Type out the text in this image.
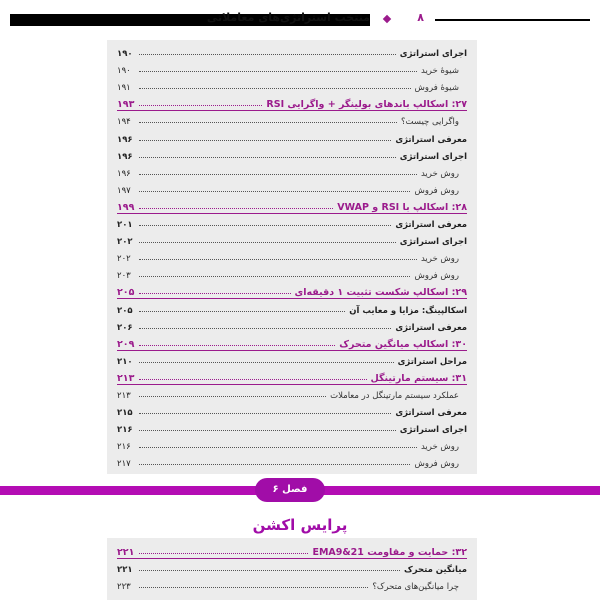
۸
منتخب استراتژی‌های معاملاتی
اجرای استراتژی
۱۹۰
شیوۀ خرید
۱۹۰
شیوۀ فروش
۱۹۱
۲۷: اسکالپ باندهای بولینگر + واگرایی RSI
۱۹۳
واگرایی چیست؟
۱۹۴
معرفی استراتژی
۱۹۶
اجرای استراتژی
۱۹۶
روش خرید
۱۹۶
روش فروش
۱۹۷
۲۸: اسکالپ با RSI و VWAP
۱۹۹
معرفی استراتژی
۲۰۱
اجرای استراتژی
۲۰۲
روش خرید
۲۰۲
روش فروش
۲۰۳
۲۹: اسکالپ شکست تثبیت ۱ دقیقه‌ای
۲۰۵
اسکالپینگ: مزایا و معایب آن
۲۰۵
معرفی استراتژی
۲۰۶
۳۰: اسکالپ میانگین متحرک
۲۰۹
مراحل استراتژی
۲۱۰
۳۱: سیستم مارتینگل
۲۱۳
عملکرد سیستم مارتینگل در معاملات
۲۱۳
معرفی استراتژی
۲۱۵
اجرای استراتژی
۲۱۶
روش خرید
۲۱۶
روش فروش
۲۱۷
فصل ۶
پرایس اکشن
۳۲: حمایت و مقاومت EMA9&21
۲۲۱
میانگین متحرک
۲۲۱
چرا میانگین‌های متحرک؟
۲۲۳
